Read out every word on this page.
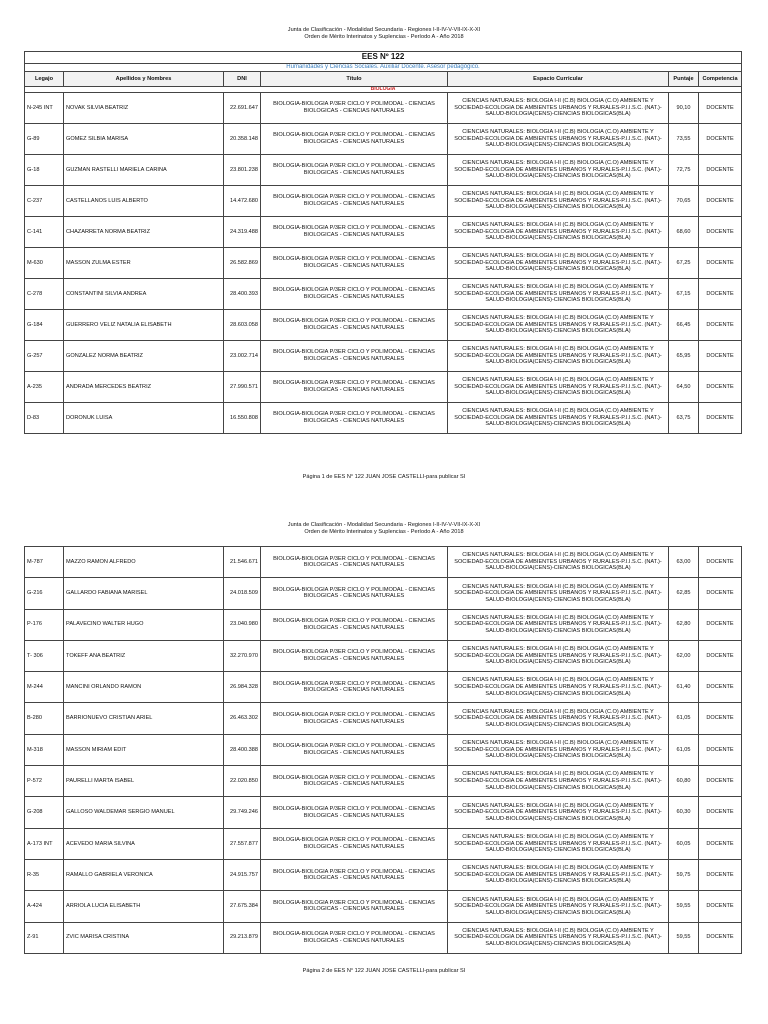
Junta de Clasificación - Modalidad Secundaria - Regiones I-II-IV-V-VII-IX-X-XI
Orden de Mérito Interinatos y Suplencias - Período A - Año 2018
EES Nº 122						
Humanidades y Ciencias Sociales. Auxiliar Docente. Asesor pedagógico.						
Legajo	Apellidos y Nombres	DNI	Título	Espacio Curricular	Puntaje	Competencia
BIOLOGIA						
N-245 INT	NOVAK SILVIA BEATRIZ	22.691.647	BIOLOGIA-BIOLOGIA P/3ER CICLO Y POLIMODAL - CIENCIAS BIOLOGICAS - CIENCIAS NATURALES	CIENCIAS NATURALES: BIOLOGIA I-II (C.B) BIOLOGIA (C.O) AMBIENTE Y SOCIEDAD-ECOLOGIA DE AMBIENTES URBANOS Y RURALES-P.I.I.S.C. (NAT.)-SALUD-BIOLOGIA(CENS)-CIENCIAS BIOLOGICAS(BLA)	90,10	DOCENTE
G-89	GOMEZ SILBIA MARISA	20.358.148	BIOLOGIA-BIOLOGIA P/3ER CICLO Y POLIMODAL - CIENCIAS BIOLOGICAS - CIENCIAS NATURALES	CIENCIAS NATURALES: BIOLOGIA I-II (C.B) BIOLOGIA (C.O) AMBIENTE Y SOCIEDAD-ECOLOGIA DE AMBIENTES URBANOS Y RURALES-P.I.I.S.C. (NAT.)-SALUD-BIOLOGIA(CENS)-CIENCIAS BIOLOGICAS(BLA)	73,55	DOCENTE
G-18	GUZMAN RASTELLI MARIELA CARINA	23.801.238	BIOLOGIA-BIOLOGIA P/3ER CICLO Y POLIMODAL - CIENCIAS BIOLOGICAS - CIENCIAS NATURALES	CIENCIAS NATURALES: BIOLOGIA I-II (C.B) BIOLOGIA (C.O) AMBIENTE Y SOCIEDAD-ECOLOGIA DE AMBIENTES URBANOS Y RURALES-P.I.I.S.C. (NAT.)-SALUD-BIOLOGIA(CENS)-CIENCIAS BIOLOGICAS(BLA)	72,75	DOCENTE
C-237	CASTELLANOS LUIS ALBERTO	14.472.680	BIOLOGIA-BIOLOGIA P/3ER CICLO Y POLIMODAL - CIENCIAS BIOLOGICAS - CIENCIAS NATURALES	CIENCIAS NATURALES: BIOLOGIA I-II (C.B) BIOLOGIA (C.O) AMBIENTE Y SOCIEDAD-ECOLOGIA DE AMBIENTES URBANOS Y RURALES-P.I.I.S.C. (NAT.)-SALUD-BIOLOGIA(CENS)-CIENCIAS BIOLOGICAS(BLA)	70,65	DOCENTE
C-141	CHAZARRETA NORMA BEATRIZ	24.319.488	BIOLOGIA-BIOLOGIA P/3ER CICLO Y POLIMODAL - CIENCIAS BIOLOGICAS - CIENCIAS NATURALES	CIENCIAS NATURALES: BIOLOGIA I-II (C.B) BIOLOGIA (C.O) AMBIENTE Y SOCIEDAD-ECOLOGIA DE AMBIENTES URBANOS Y RURALES-P.I.I.S.C. (NAT.)-SALUD-BIOLOGIA(CENS)-CIENCIAS BIOLOGICAS(BLA)	68,60	DOCENTE
M-630	MASSON ZULMA ESTER	26.582.869	BIOLOGIA-BIOLOGIA P/3ER CICLO Y POLIMODAL - CIENCIAS BIOLOGICAS - CIENCIAS NATURALES	CIENCIAS NATURALES: BIOLOGIA I-II (C.B) BIOLOGIA (C.O) AMBIENTE Y SOCIEDAD-ECOLOGIA DE AMBIENTES URBANOS Y RURALES-P.I.I.S.C. (NAT.)-SALUD-BIOLOGIA(CENS)-CIENCIAS BIOLOGICAS(BLA)	67,25	DOCENTE
C-278	CONSTANTINI SILVIA ANDREA	28.400.393	BIOLOGIA-BIOLOGIA P/3ER CICLO Y POLIMODAL - CIENCIAS BIOLOGICAS - CIENCIAS NATURALES	CIENCIAS NATURALES: BIOLOGIA I-II (C.B) BIOLOGIA (C.O) AMBIENTE Y SOCIEDAD-ECOLOGIA DE AMBIENTES URBANOS Y RURALES-P.I.I.S.C. (NAT.)-SALUD-BIOLOGIA(CENS)-CIENCIAS BIOLOGICAS(BLA)	67,15	DOCENTE
G-184	GUERRERO VELIZ NATALIA ELISABETH	28.603.058	BIOLOGIA-BIOLOGIA P/3ER CICLO Y POLIMODAL - CIENCIAS BIOLOGICAS - CIENCIAS NATURALES	CIENCIAS NATURALES: BIOLOGIA I-II (C.B) BIOLOGIA (C.O) AMBIENTE Y SOCIEDAD-ECOLOGIA DE AMBIENTES URBANOS Y RURALES-P.I.I.S.C. (NAT.)-SALUD-BIOLOGIA(CENS)-CIENCIAS BIOLOGICAS(BLA)	66,45	DOCENTE
G-257	GONZALEZ NORMA BEATRIZ	23.002.714	BIOLOGIA-BIOLOGIA P/3ER CICLO Y POLIMODAL - CIENCIAS BIOLOGICAS - CIENCIAS NATURALES	CIENCIAS NATURALES: BIOLOGIA I-II (C.B) BIOLOGIA (C.O) AMBIENTE Y SOCIEDAD-ECOLOGIA DE AMBIENTES URBANOS Y RURALES-P.I.I.S.C. (NAT.)-SALUD-BIOLOGIA(CENS)-CIENCIAS BIOLOGICAS(BLA)	65,95	DOCENTE
A-235	ANDRADA MERCEDES BEATRIZ	27.990.571	BIOLOGIA-BIOLOGIA P/3ER CICLO Y POLIMODAL - CIENCIAS BIOLOGICAS - CIENCIAS NATURALES	CIENCIAS NATURALES: BIOLOGIA I-II (C.B) BIOLOGIA (C.O) AMBIENTE Y SOCIEDAD-ECOLOGIA DE AMBIENTES URBANOS Y RURALES-P.I.I.S.C. (NAT.)-SALUD-BIOLOGIA(CENS)-CIENCIAS BIOLOGICAS(BLA)	64,50	DOCENTE
D-83	DORONUK LUISA	16.550.808	BIOLOGIA-BIOLOGIA P/3ER CICLO Y POLIMODAL - CIENCIAS BIOLOGICAS - CIENCIAS NATURALES	CIENCIAS NATURALES: BIOLOGIA I-II (C.B) BIOLOGIA (C.O) AMBIENTE Y SOCIEDAD-ECOLOGIA DE AMBIENTES URBANOS Y RURALES-P.I.I.S.C. (NAT.)-SALUD-BIOLOGIA(CENS)-CIENCIAS BIOLOGICAS(BLA)	63,75	DOCENTE
Página 1 de EES N° 122 JUAN JOSE CASTELLI-para publicar SI
Junta de Clasificación - Modalidad Secundaria - Regiones I-II-IV-V-VII-IX-X-XI
Orden de Mérito Interinatos y Suplencias - Período A - Año 2018
M-787	MAZZO RAMON ALFREDO	21.546.671	BIOLOGIA-BIOLOGIA P/3ER CICLO Y POLIMODAL - CIENCIAS BIOLOGICAS - CIENCIAS NATURALES	CIENCIAS NATURALES: BIOLOGIA I-II (C.B) BIOLOGIA (C.O) AMBIENTE Y SOCIEDAD-ECOLOGIA DE AMBIENTES URBANOS Y RURALES-P.I.I.S.C. (NAT.)-SALUD-BIOLOGIA(CENS)-CIENCIAS BIOLOGICAS(BLA)	63,00	DOCENTE
G-216	GALLARDO FABIANA MARISEL	24.018.509	BIOLOGIA-BIOLOGIA P/3ER CICLO Y POLIMODAL - CIENCIAS BIOLOGICAS - CIENCIAS NATURALES	CIENCIAS NATURALES: BIOLOGIA I-II (C.B) BIOLOGIA (C.O) AMBIENTE Y SOCIEDAD-ECOLOGIA DE AMBIENTES URBANOS Y RURALES-P.I.I.S.C. (NAT.)-SALUD-BIOLOGIA(CENS)-CIENCIAS BIOLOGICAS(BLA)	62,85	DOCENTE
P-176	PALAVECINO WALTER HUGO	23.040.980	BIOLOGIA-BIOLOGIA P/3ER CICLO Y POLIMODAL - CIENCIAS BIOLOGICAS - CIENCIAS NATURALES	CIENCIAS NATURALES: BIOLOGIA I-II (C.B) BIOLOGIA (C.O) AMBIENTE Y SOCIEDAD-ECOLOGIA DE AMBIENTES URBANOS Y RURALES-P.I.I.S.C. (NAT.)-SALUD-BIOLOGIA(CENS)-CIENCIAS BIOLOGICAS(BLA)	62,80	DOCENTE
T- 306	TOKEFF ANA BEATRIZ	32.270.970	BIOLOGIA-BIOLOGIA P/3ER CICLO Y POLIMODAL - CIENCIAS BIOLOGICAS - CIENCIAS NATURALES	CIENCIAS NATURALES: BIOLOGIA I-II (C.B) BIOLOGIA (C.O) AMBIENTE Y SOCIEDAD-ECOLOGIA DE AMBIENTES URBANOS Y RURALES-P.I.I.S.C. (NAT.)-SALUD-BIOLOGIA(CENS)-CIENCIAS BIOLOGICAS(BLA)	62,00	DOCENTE
M-244	MANCINI ORLANDO RAMON	26.984.328	BIOLOGIA-BIOLOGIA P/3ER CICLO Y POLIMODAL - CIENCIAS BIOLOGICAS - CIENCIAS NATURALES	CIENCIAS NATURALES: BIOLOGIA I-II (C.B) BIOLOGIA (C.O) AMBIENTE Y SOCIEDAD-ECOLOGIA DE AMBIENTES URBANOS Y RURALES-P.I.I.S.C. (NAT.)-SALUD-BIOLOGIA(CENS)-CIENCIAS BIOLOGICAS(BLA)	61,40	DOCENTE
B-280	BARRIONUEVO CRISTIAN ARIEL	26.463.302	BIOLOGIA-BIOLOGIA P/3ER CICLO Y POLIMODAL - CIENCIAS BIOLOGICAS - CIENCIAS NATURALES	CIENCIAS NATURALES: BIOLOGIA I-II (C.B) BIOLOGIA (C.O) AMBIENTE Y SOCIEDAD-ECOLOGIA DE AMBIENTES URBANOS Y RURALES-P.I.I.S.C. (NAT.)-SALUD-BIOLOGIA(CENS)-CIENCIAS BIOLOGICAS(BLA)	61,05	DOCENTE
M-318	MASSON MIRIAM EDIT	28.400.388	BIOLOGIA-BIOLOGIA P/3ER CICLO Y POLIMODAL - CIENCIAS BIOLOGICAS - CIENCIAS NATURALES	CIENCIAS NATURALES: BIOLOGIA I-II (C.B) BIOLOGIA (C.O) AMBIENTE Y SOCIEDAD-ECOLOGIA DE AMBIENTES URBANOS Y RURALES-P.I.I.S.C. (NAT.)-SALUD-BIOLOGIA(CENS)-CIENCIAS BIOLOGICAS(BLA)	61,05	DOCENTE
P-572	PAURELLI MARTA ISABEL	22.020.850	BIOLOGIA-BIOLOGIA P/3ER CICLO Y POLIMODAL - CIENCIAS BIOLOGICAS - CIENCIAS NATURALES	CIENCIAS NATURALES: BIOLOGIA I-II (C.B) BIOLOGIA (C.O) AMBIENTE Y SOCIEDAD-ECOLOGIA DE AMBIENTES URBANOS Y RURALES-P.I.I.S.C. (NAT.)-SALUD-BIOLOGIA(CENS)-CIENCIAS BIOLOGICAS(BLA)	60,80	DOCENTE
G-208	GALLOSO WALDEMAR SERGIO MANUEL	29.749.246	BIOLOGIA-BIOLOGIA P/3ER CICLO Y POLIMODAL - CIENCIAS BIOLOGICAS - CIENCIAS NATURALES	CIENCIAS NATURALES: BIOLOGIA I-II (C.B) BIOLOGIA (C.O) AMBIENTE Y SOCIEDAD-ECOLOGIA DE AMBIENTES URBANOS Y RURALES-P.I.I.S.C. (NAT.)-SALUD-BIOLOGIA(CENS)-CIENCIAS BIOLOGICAS(BLA)	60,30	DOCENTE
A-173 INT	ACEVEDO MARIA SILVINA	27.557.877	BIOLOGIA-BIOLOGIA P/3ER CICLO Y POLIMODAL - CIENCIAS BIOLOGICAS - CIENCIAS NATURALES	CIENCIAS NATURALES: BIOLOGIA I-II (C.B) BIOLOGIA (C.O) AMBIENTE Y SOCIEDAD-ECOLOGIA DE AMBIENTES URBANOS Y RURALES-P.I.I.S.C. (NAT.)-SALUD-BIOLOGIA(CENS)-CIENCIAS BIOLOGICAS(BLA)	60,05	DOCENTE
R-35	RAMALLO GABRIELA VERONICA	24.915.757	BIOLOGIA-BIOLOGIA P/3ER CICLO Y POLIMODAL - CIENCIAS BIOLOGICAS - CIENCIAS NATURALES	CIENCIAS NATURALES: BIOLOGIA I-II (C.B) BIOLOGIA (C.O) AMBIENTE Y SOCIEDAD-ECOLOGIA DE AMBIENTES URBANOS Y RURALES-P.I.I.S.C. (NAT.)-SALUD-BIOLOGIA(CENS)-CIENCIAS BIOLOGICAS(BLA)	59,75	DOCENTE
A-424	ARRIOLA LUCIA ELISABETH	27.675.384	BIOLOGIA-BIOLOGIA P/3ER CICLO Y POLIMODAL - CIENCIAS BIOLOGICAS - CIENCIAS NATURALES	CIENCIAS NATURALES: BIOLOGIA I-II (C.B) BIOLOGIA (C.O) AMBIENTE Y SOCIEDAD-ECOLOGIA DE AMBIENTES URBANOS Y RURALES-P.I.I.S.C. (NAT.)-SALUD-BIOLOGIA(CENS)-CIENCIAS BIOLOGICAS(BLA)	59,55	DOCENTE
Z-91	ZVIC MARISA CRISTINA	29.213.879	BIOLOGIA-BIOLOGIA P/3ER CICLO Y POLIMODAL - CIENCIAS BIOLOGICAS - CIENCIAS NATURALES	CIENCIAS NATURALES: BIOLOGIA I-II (C.B) BIOLOGIA (C.O) AMBIENTE Y SOCIEDAD-ECOLOGIA DE AMBIENTES URBANOS Y RURALES-P.I.I.S.C. (NAT.)-SALUD-BIOLOGIA(CENS)-CIENCIAS BIOLOGICAS(BLA)	59,55	DOCENTE
Página 2 de EES N° 122 JUAN JOSE CASTELLI-para publicar SI
